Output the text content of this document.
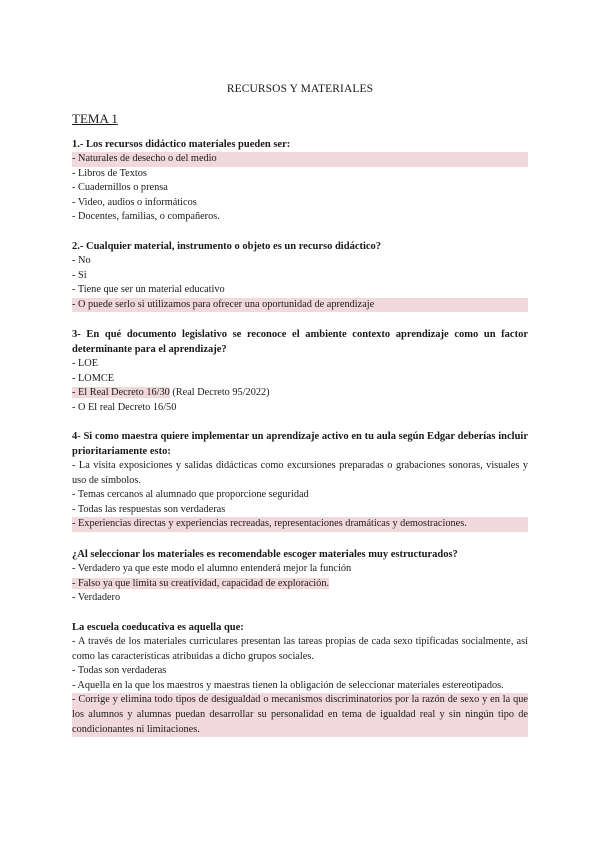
RECURSOS Y MATERIALES
TEMA 1

1.- Los recursos didáctico materiales pueden ser:

- Naturales de desecho o del medio

- Libros de Textos

- Cuadernillos o prensa

- Video, audios o informáticos

- Docentes, familias, o compañeros.

2.- Cualquier material, instrumento o objeto es un recurso didáctico?

- No

- Si

- Tiene que ser un material educativo

- O puede serlo si utilizamos para ofrecer una oportunidad de aprendizaje

3- En qué documento legislativo se reconoce el ambiente contexto aprendizaje como un factor determinante para el aprendizaje?

- LOE

- LOMCE

- El Real Decreto 16/30 (Real Decreto 95/2022)

- O El real Decreto 16/50

4- Si como maestra quiere implementar un aprendizaje activo en tu aula según Edgar deberías incluir prioritariamente esto:

- La visita exposiciones y salidas didácticas como excursiones preparadas o grabaciones sonoras, visuales y uso de símbolos.

- Temas cercanos al alumnado que proporcione seguridad

- Todas las respuestas son verdaderas

- Experiencias directas y experiencias recreadas, representaciones dramáticas y demostraciones.

¿Al seleccionar los materiales es recomendable escoger materiales muy estructurados?

- Verdadero ya que este modo el alumno entenderá mejor la función

- Falso ya que limita su creatividad, capacidad de exploración.

- Verdadero

La escuela coeducativa es aquella que:

- A través de los materiales curriculares presentan las tareas propias de cada sexo tipificadas socialmente, así como las características atribuidas a dicho grupos sociales.

- Todas son verdaderas

- Aquella en la que los maestros y maestras tienen la obligación de seleccionar materiales estereotipados.

- Corrige y elimina todo tipos de desigualdad o mecanismos discriminatorios por la razón de sexo y en la que los alumnos y alumnas puedan desarrollar su personalidad en tema de igualdad real y sin ningún tipo de condicionantes ni limitaciones.
